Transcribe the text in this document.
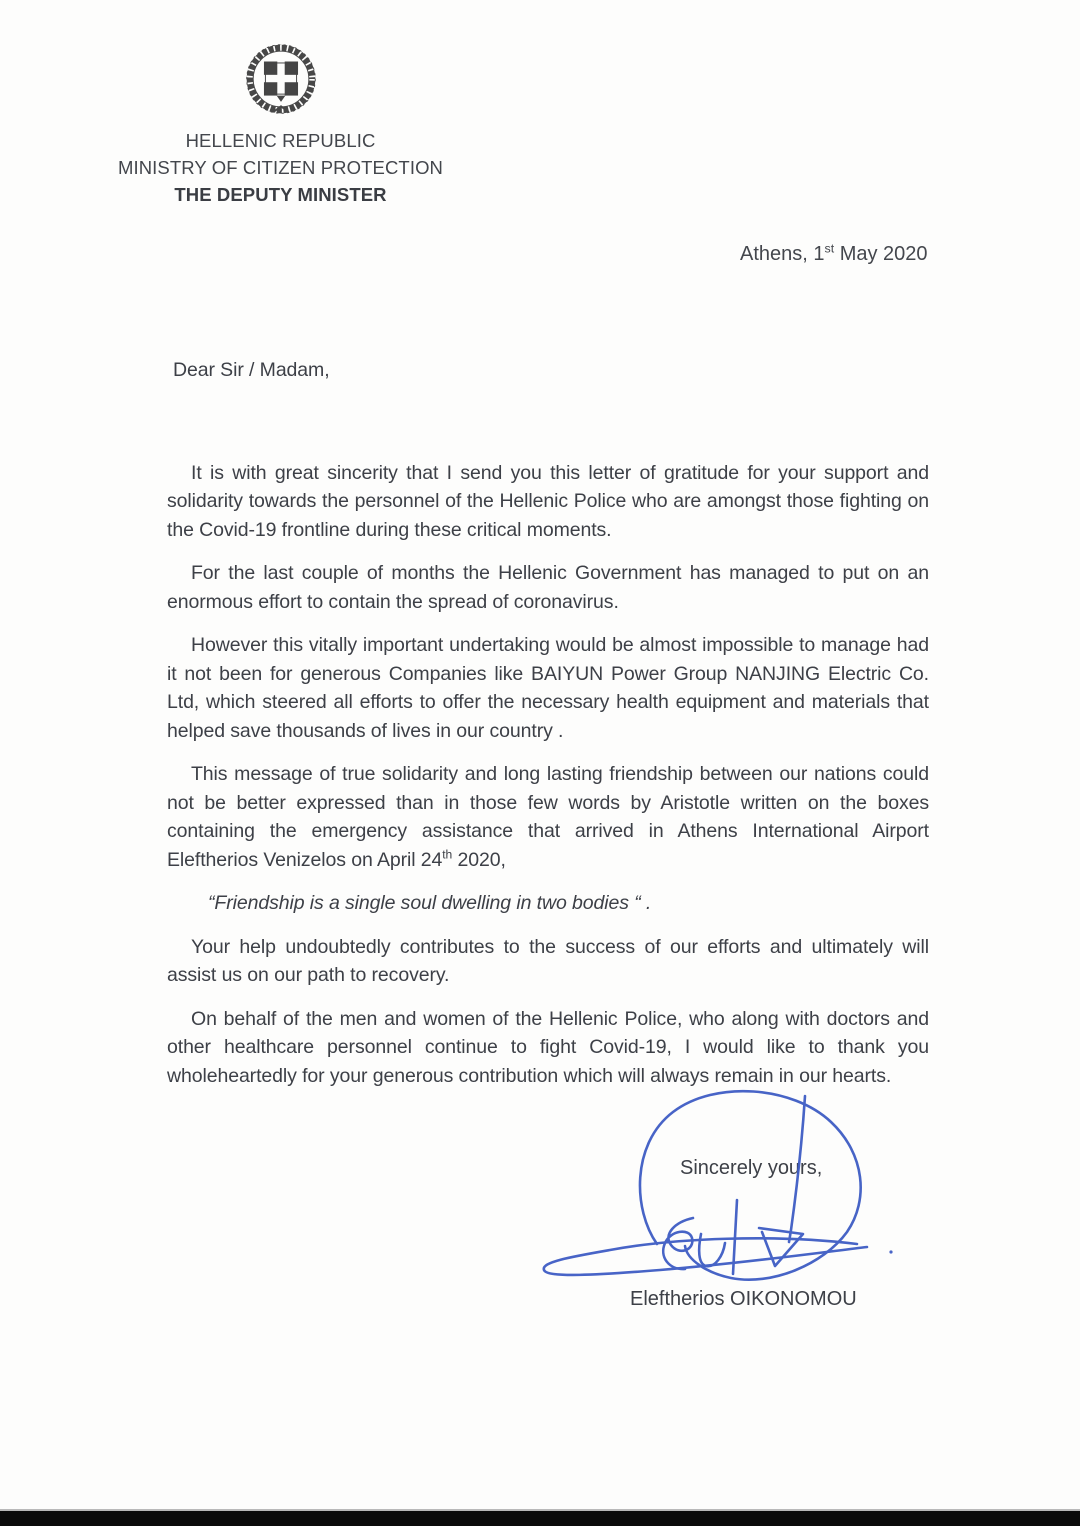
HELLENIC REPUBLIC
MINISTRY OF CITIZEN PROTECTION
THE DEPUTY MINISTER
Athens, 1st May 2020
Dear Sir / Madam,

It is with great sincerity that I send you this letter of gratitude for your support and solidarity towards the personnel of the Hellenic Police who are amongst those fighting on the Covid-19 frontline during these critical moments.

For the last couple of months the Hellenic Government has managed to put on an enormous effort to contain the spread of coronavirus.

However this vitally important undertaking would be almost impossible to manage had it not been for generous Companies like BAIYUN Power Group NANJING Electric Co. Ltd, which steered all efforts to offer the necessary health equipment and materials that helped save thousands of lives in our country .

This message of true solidarity and long lasting friendship between our nations could not be better expressed than in those few words by Aristotle written on the boxes containing the emergency assistance that arrived in Athens International Airport Eleftherios Venizelos on April 24th 2020,

“Friendship is a single soul dwelling in two bodies “ .

Your help undoubtedly contributes to the success of our efforts and ultimately will assist us on our path to recovery.

On behalf of the men and women of the Hellenic Police, who along with doctors and other healthcare personnel continue to fight Covid-19, I would like to thank you wholeheartedly for your generous contribution which will always remain in our hearts.

Sincerely yours,
Eleftherios OIKONOMOU
